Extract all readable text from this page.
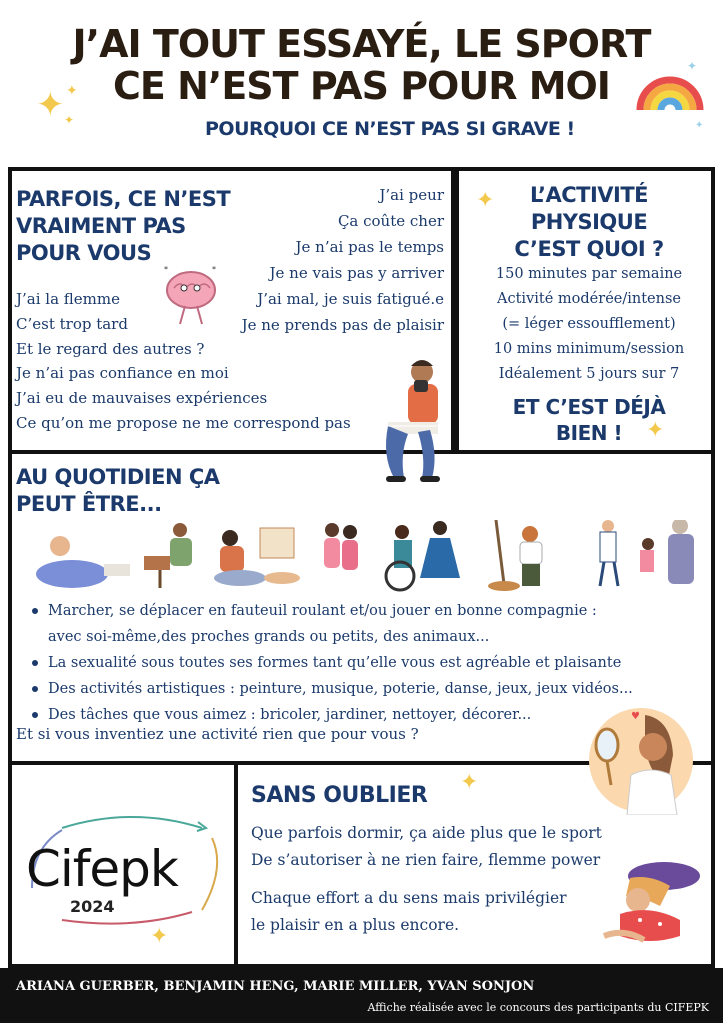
J’AI TOUT ESSAYÉ, LE SPORT
CE N’EST PAS POUR MOI
POURQUOI CE N’EST PAS SI GRAVE !
✦ ✦
✦
✦
✦
PARFOIS, CE N’EST
VRAIMENT PAS
POUR VOUS
J’ai peur
Ça coûte cher
Je n’ai pas le temps
Je ne vais pas y arriver
J’ai mal, je suis fatigué.e
Je ne prends pas de plaisir
J’ai la flemme
C’est trop tard
Et le regard des autres ?
Je n’ai pas confiance en moi
J’ai eu de mauvaises expériences
Ce qu’on me propose ne me correspond pas
*	*
✦	L’ACTIVITÉ
PHYSIQUE
C’EST QUOI ?
150 minutes par semaine
Activité modérée/intense
(= léger essoufflement)
10 mins minimum/session
Idéalement 5 jours sur 7
ET C’EST DÉJÀ
BIEN !	✦
AU QUOTIDIEN ÇA
PEUT ÊTRE...
Marcher, se déplacer en fauteuil roulant et/ou jouer en bonne compagnie :
avec soi-même,des proches grands ou petits, des animaux...
La sexualité sous toutes ses formes tant qu’elle vous est agréable et plaisante
Des activités artistiques : peinture, musique, poterie, danse, jeux, jeux vidéos...
Des tâches que vous aimez : bricoler, jardiner, nettoyer, décorer...
Et si vous inventiez une activité rien que pour vous ?
♥
Cifepk
2024
✦
SANS OUBLIER
✦
Que parfois dormir, ça aide plus que le sport
De s’autoriser à ne rien faire, flemme power
Chaque effort a du sens mais privilégier
le plaisir en a plus encore.
ARIANA GUERBER, BENJAMIN HENG, MARIE MILLER, YVAN SONJON
Affiche réalisée avec le concours des participants du CIFEPK
